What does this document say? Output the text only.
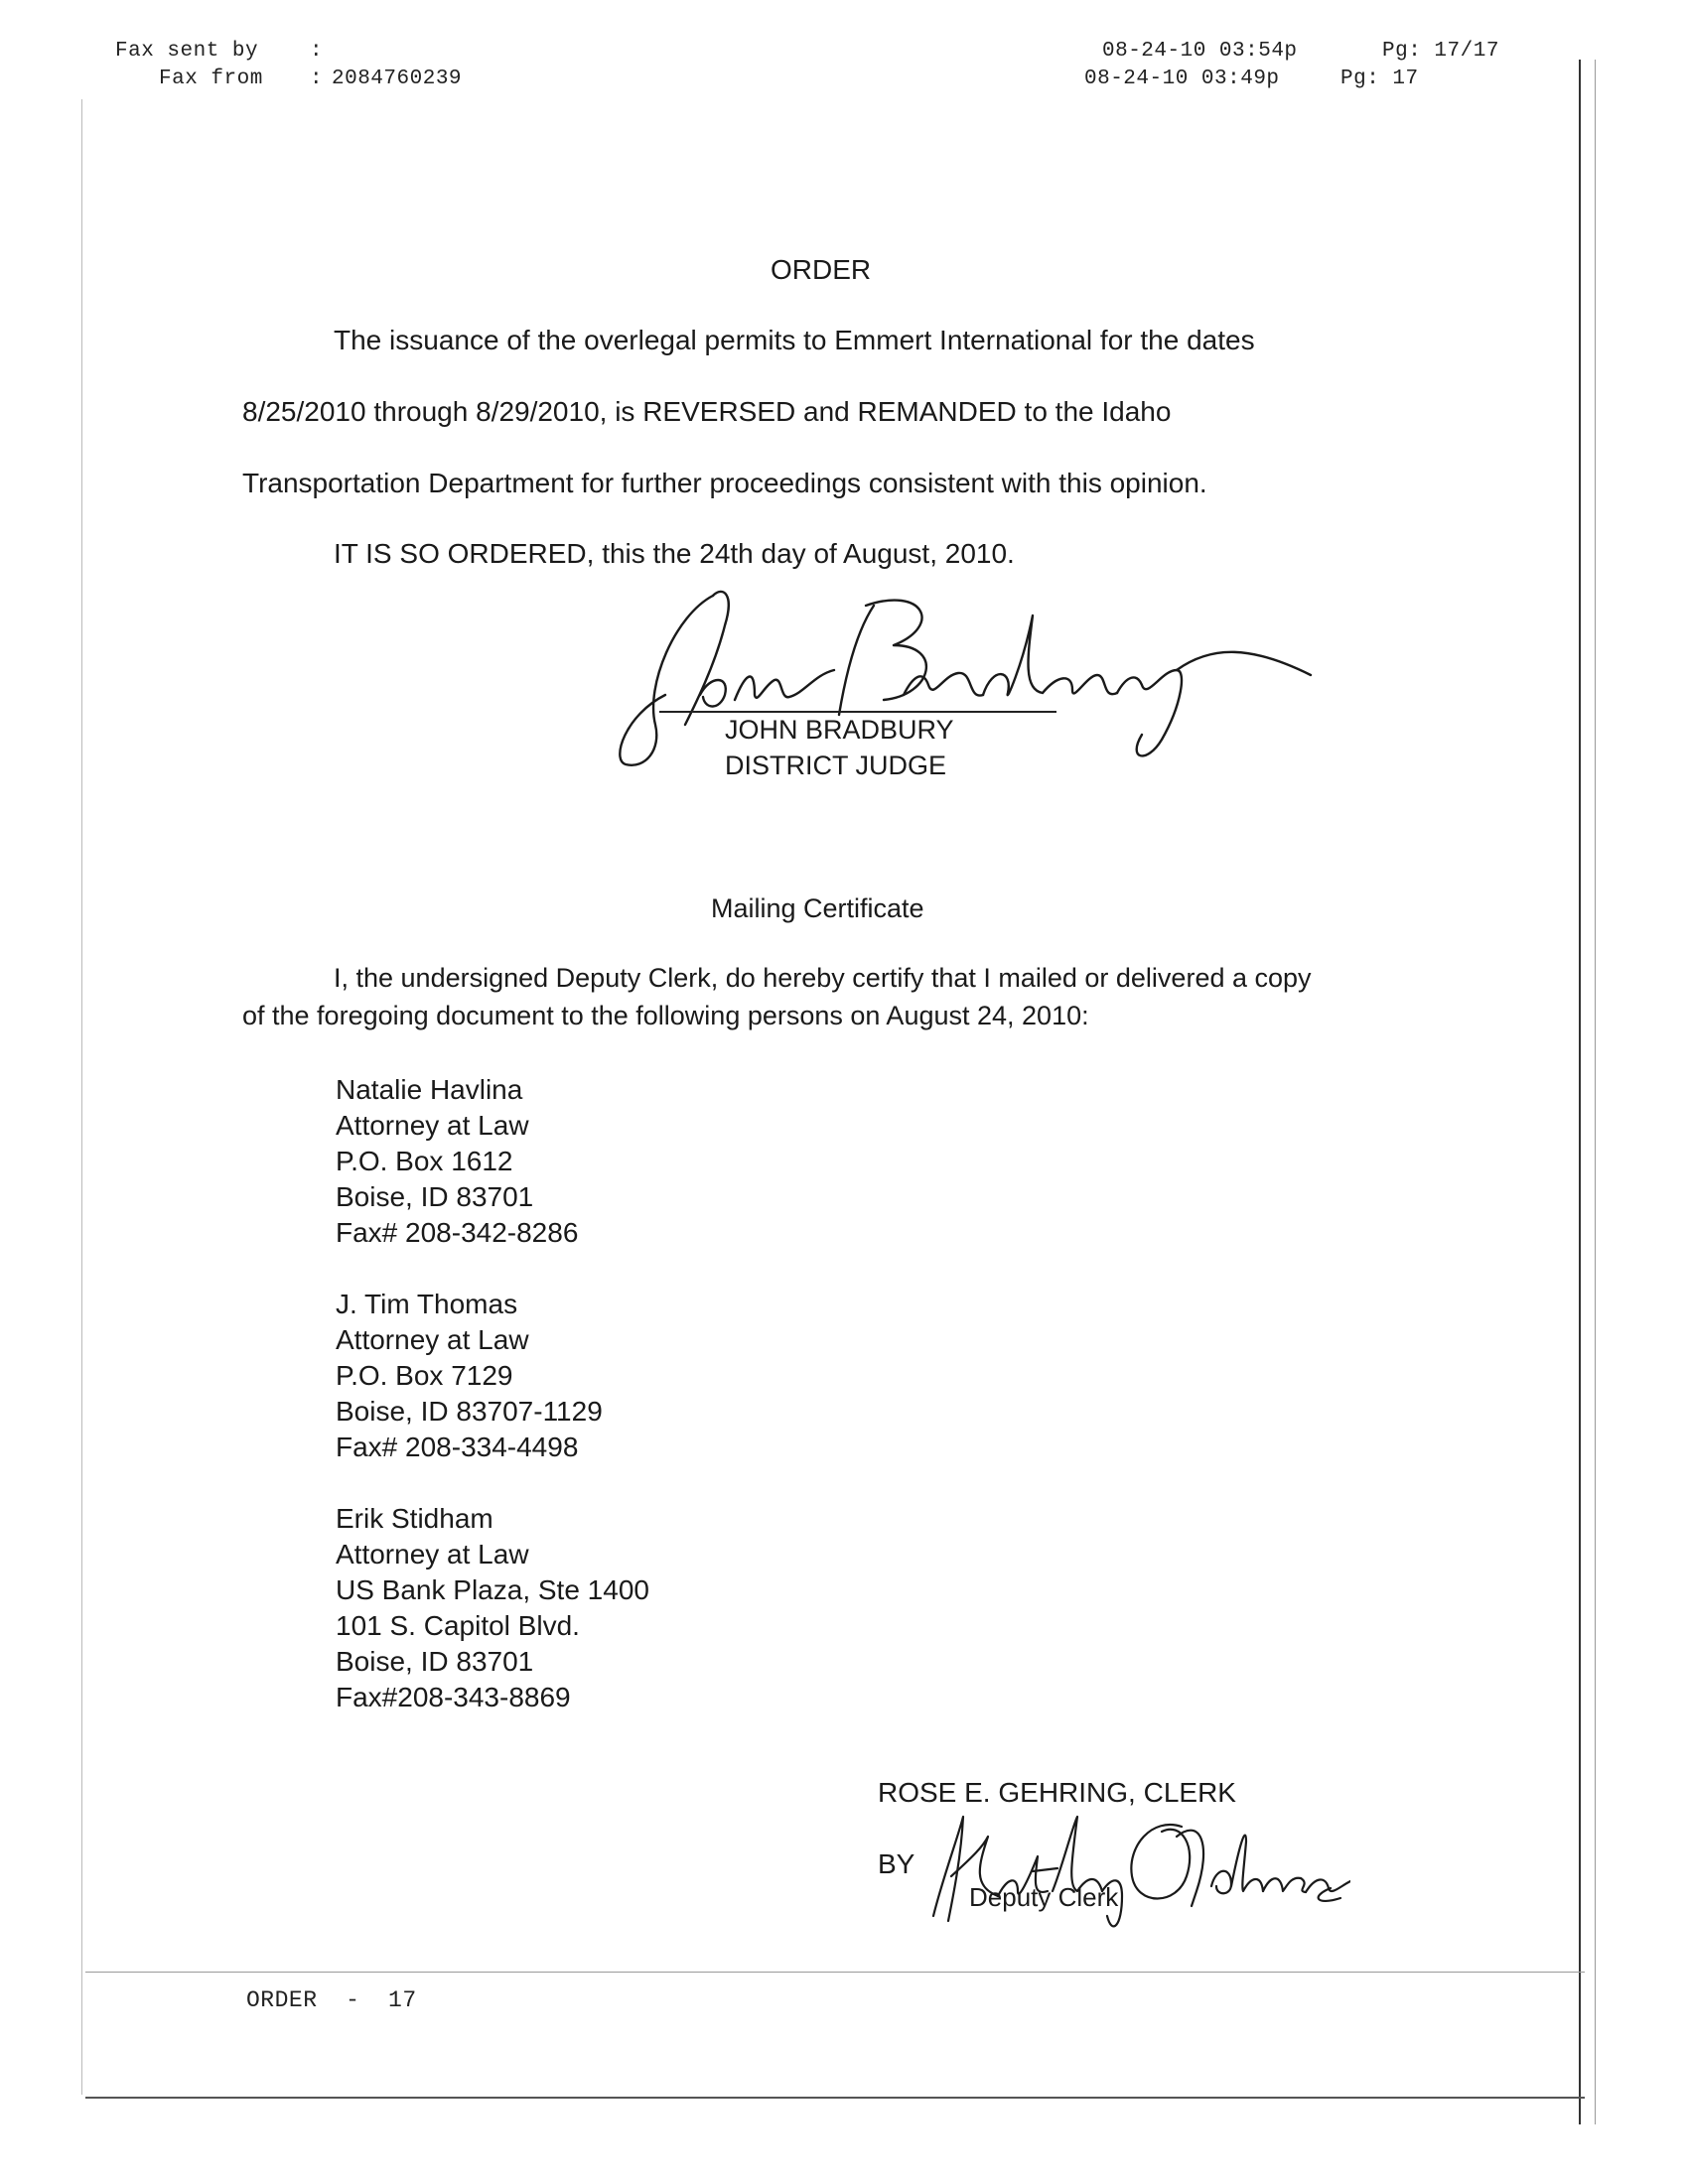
Fax sent by :
Fax from : 2084760239
08-24-10 03:54p	Pg: 17/17
08-24-10 03:49p	Pg: 17
ORDER
The issuance of the overlegal permits to Emmert International for the dates
8/25/2010 through 8/29/2010, is REVERSED and REMANDED to the Idaho
Transportation Department for further proceedings consistent with this opinion.
IT IS SO ORDERED, this the 24th day of August, 2010.
JOHN BRADBURY
DISTRICT JUDGE
Mailing Certificate
I, the undersigned Deputy Clerk, do hereby certify that I mailed or delivered a copy
of the foregoing document to the following persons on August 24, 2010:
Natalie Havlina
Attorney at Law
P.O. Box 1612
Boise, ID 83701
Fax# 208-342-8286
J. Tim Thomas
Attorney at Law
P.O. Box 7129
Boise, ID 83707-1129
Fax# 208-334-4498
Erik Stidham
Attorney at Law
US Bank Plaza, Ste 1400
101 S. Capitol Blvd.
Boise, ID 83701
Fax#208-343-8869
ROSE E. GEHRING, CLERK
BY
Deputy Clerk
ORDER  -  17
